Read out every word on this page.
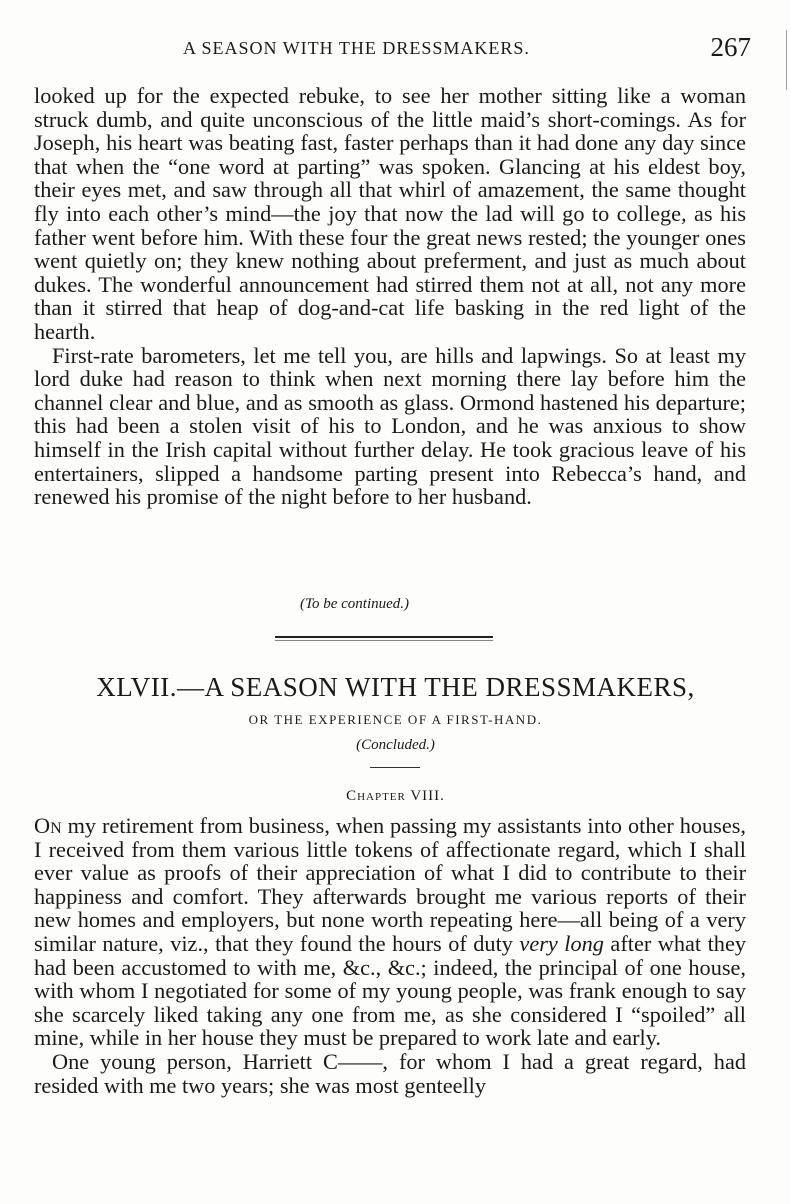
A SEASON WITH THE DRESSMAKERS.	267

looked up for the expected rebuke, to see her mother sitting like a woman struck dumb, and quite unconscious of the little maid’s short-comings. As for Joseph, his heart was beating fast, faster perhaps than it had done any day since that when the “one word at parting” was spoken. Glancing at his eldest boy, their eyes met, and saw through all that whirl of amazement, the same thought fly into each other’s mind—the joy that now the lad will go to college, as his father went before him. With these four the great news rested; the younger ones went quietly on; they knew nothing about preferment, and just as much about dukes. The wonderful announcement had stirred them not at all, not any more than it stirred that heap of dog-and-cat life basking in the red light of the hearth.

First-rate barometers, let me tell you, are hills and lapwings. So at least my lord duke had reason to think when next morning there lay before him the channel clear and blue, and as smooth as glass. Ormond hastened his departure; this had been a stolen visit of his to London, and he was anxious to show himself in the Irish capital without further delay. He took gracious leave of his entertainers, slipped a handsome parting present into Rebecca’s hand, and renewed his promise of the night before to her husband.

(To be continued.)
XLVII.—A SEASON WITH THE DRESSMAKERS,
OR THE EXPERIENCE OF A FIRST-HAND.
(Concluded.)
Chapter VIII.

On my retirement from business, when passing my assistants into other houses, I received from them various little tokens of affectionate regard, which I shall ever value as proofs of their appreciation of what I did to contribute to their happiness and comfort. They afterwards brought me various reports of their new homes and employers, but none worth repeating here—all being of a very similar nature, viz., that they found the hours of duty very long after what they had been accustomed to with me, &c., &c.; indeed, the principal of one house, with whom I negotiated for some of my young people, was frank enough to say she scarcely liked taking any one from me, as she considered I “spoiled” all mine, while in her house they must be prepared to work late and early.

One young person, Harriett C——, for whom I had a great regard, had resided with me two years; she was most genteelly
